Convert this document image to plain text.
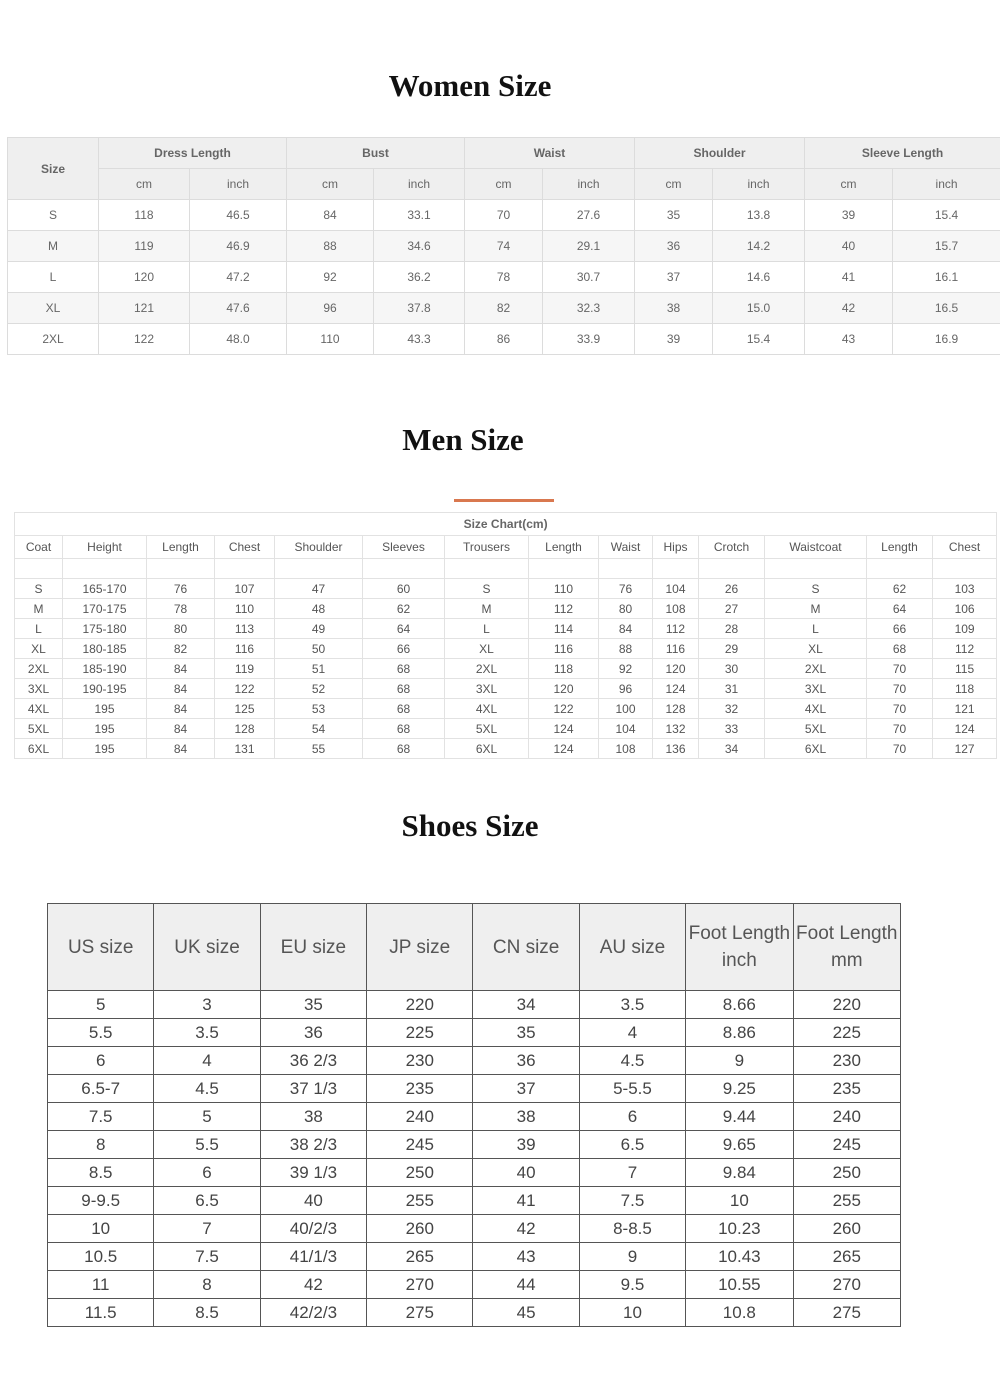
Women Size
Size	Dress Length		Bust		Waist		Shoulder		Sleeve Length	
	cm	inch	cm	inch	cm	inch	cm	inch	cm	inch
S	118	46.5	84	33.1	70	27.6	35	13.8	39	15.4
M	119	46.9	88	34.6	74	29.1	36	14.2	40	15.7
L	120	47.2	92	36.2	78	30.7	37	14.6	41	16.1
XL	121	47.6	96	37.8	82	32.3	38	15.0	42	16.5
2XL	122	48.0	110	43.3	86	33.9	39	15.4	43	16.9
Men Size
Size Chart(cm)													
Coat	Height	Length	Chest	Shoulder	Sleeves	Trousers	Length	Waist	Hips	Crotch	Waistcoat	Length	Chest

S	165-170	76	107	47	60	S	110	76	104	26	S	62	103
M	170-175	78	110	48	62	M	112	80	108	27	M	64	106
L	175-180	80	113	49	64	L	114	84	112	28	L	66	109
XL	180-185	82	116	50	66	XL	116	88	116	29	XL	68	112
2XL	185-190	84	119	51	68	2XL	118	92	120	30	2XL	70	115
3XL	190-195	84	122	52	68	3XL	120	96	124	31	3XL	70	118
4XL	195	84	125	53	68	4XL	122	100	128	32	4XL	70	121
5XL	195	84	128	54	68	5XL	124	104	132	33	5XL	70	124
6XL	195	84	131	55	68	6XL	124	108	136	34	6XL	70	127
Shoes Size
US size	UK size	EU size	JP size	CN size	AU size	Foot Length inch	Foot Length mm
5	3	35	220	34	3.5	8.66	220
5.5	3.5	36	225	35	4	8.86	225
6	4	36 2/3	230	36	4.5	9	230
6.5-7	4.5	37 1/3	235	37	5-5.5	9.25	235
7.5	5	38	240	38	6	9.44	240
8	5.5	38 2/3	245	39	6.5	9.65	245
8.5	6	39 1/3	250	40	7	9.84	250
9-9.5	6.5	40	255	41	7.5	10	255
10	7	40/2/3	260	42	8-8.5	10.23	260
10.5	7.5	41/1/3	265	43	9	10.43	265
11	8	42	270	44	9.5	10.55	270
11.5	8.5	42/2/3	275	45	10	10.8	275
